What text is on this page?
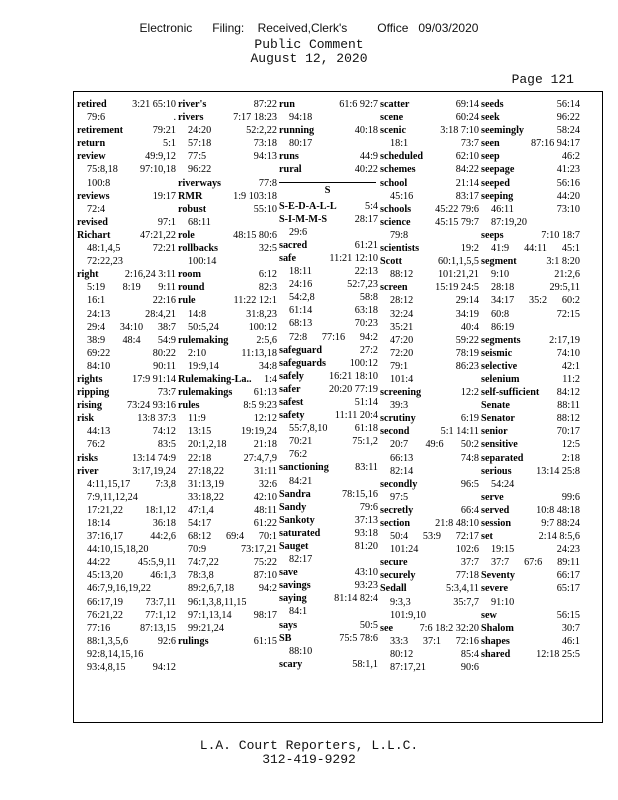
Electronic      Filing:    Received,Clerk's         Office   09/03/2020
Public Comment
August 12, 2020
Page 121
retired	3:21 65:10
79:6 .
retirement	79:21
return	5:1
review	49:9,12
75:8,18 97:10,18
100:8
reviews	19:17
72:4
revised	97:1
Richart	47:21,22
48:1,4,5 72:21
72:22,23
right	2:16,24 3:11
5:19 8:19 9:11
16:1 22:16
24:13 28:4,21
29:4 34:10 38:7
38:9 48:4 54:9
69:22 80:22
84:10 90:11
rights	17:9 91:14
ripping	73:7
rising 73:24 93:16
risk	13:8 37:3
44:13 74:12
76:2 83:5
risks	13:14 74:9
river	3:17,19,24
4:11,15,17 7:3,8
7:9,11,12,24
17:21,22 18:1,12
18:14 36:18
37:16,17 44:2,6
44:10,15,18,20
44:22 45:5,9,11
45:13,20 46:1,3
46:7,9,16,19,22
66:17,19 73:7,11
76:21,22 77:1,12
77:16 87:13,15
88:1,3,5,6 92:6
92:8,14,15,16
93:4,8,15 94:12
river's	87:22
rivers	7:17 18:23
24:20 52:2,22
57:18 73:18
77:5 94:13
96:22
riverways	77:8
RMR	1:9 103:18
robust	55:10
68:11
role	48:15 80:6
rollbacks	32:5
100:14
room	6:12
round	82:3
rule	11:22 12:1
14:8 31:8,23
50:5,24 100:12
rulemaking	2:5,6
2:10 11:13,18
19:9,14 34:8
Rulemaking-La.. 1:4
rulemakings 61:13
rules	8:5 9:23
11:9 12:12
13:15 19:19,24
20:1,2,18 21:18
22:18 27:4,7,9
27:18,22 31:11
31:13,19 32:6
33:18,22 42:10
47:1,4 48:11
54:17 61:22
68:12 69:4 70:1
70:9 73:17,21
74:7,22 75:22
78:3,8 87:10
89:2,6,7,18 94:2
96:1,3,8,11,15
97:1,13,14 98:17
99:21,24
rulings	61:15
run	61:6 92:7
94:18
running	40:18
80:17
runs	44:9
rural	40:22
S
S-E-D-A-L-L	5:4
S-I-M-M-S	28:17
29:6
sacred	61:21
safe	11:21 12:10
18:11 22:13
24:16 52:7,23
54:2,8 58:8
61:14 63:18
68:13 70:23
72:8 77:16 94:2
safeguard	27:2
safeguards 100:12
safely 16:21 18:10
safer	20:20 77:19
safest	51:14
safety	11:11 20:4
55:7,8,10 61:18
70:21 75:1,2
76:2
sanctioning	83:11
84:21
Sandra	78:15,16
Sandy	79:6
Sankoty	37:13
saturated	93:18
Sauget	81:20
82:17
save	43:10
savings	93:23
saying	81:14 82:4
84:1
says	50:5
SB	75:5 78:6
88:10
scary	58:1,1
scatter	69:14
scene	60:24
scenic	3:18 7:10
18:1 73:7
scheduled	62:10
schemes	84:22
school	21:14
45:16 83:17
schools 45:22 79:6
science 45:15 79:7
79:8
scientists	19:2
Scott	60:1,1,5,5
88:12 101:21,21
screen	15:19 24:5
28:12 29:14
32:24 34:19
35:21 40:4
47:20 59:22
72:20 78:19
79:1 86:23
101:4
screening	12:2
39:3
scrutiny	6:19
second	5:1 14:11
20:7 49:6 50:2
66:13 74:8
82:14
secondly	96:5
97:5
secretly	66:4
section 21:8 48:10
50:4 53:9 72:17
101:24 102:6
secure	37:7
securely	77:18
Sedall	5:3,4,11
9:3,3 35:7,7
101:9,10
see	7:6 18:2 32:20
33:3 37:1 72:16
80:12 85:4
87:17,21 90:6
seeds	56:14
seek	96:22
seemingly	58:24
seen	87:16 94:17
seep	46:2
seepage	41:23
seeped	56:16
seeping	44:20
46:11 73:10
87:19,20
seeps	7:10 18:7
41:9 44:11 45:1
segment	3:1 8:20
9:10 21:2,6
28:18 29:5,11
34:17 35:2 60:2
60:8 72:15
86:19
segments	2:17,19
seismic	74:10
selective	42:1
selenium	11:2
self-sufficient 84:12
Senate	88:11
Senator	88:12
senior	70:17
sensitive	12:5
separated	2:18
serious 13:14 25:8
54:24
serve	99:6
served	10:8 48:18
session	9:7 88:24
set	2:14 8:5,6
19:15 24:23
37:7 67:6 89:11
Seventy	66:17
severe	65:17
91:10
sew	56:15
Shalom	30:7
shapes	46:1
shared	12:18 25:5
L.A. Court Reporters, L.L.C.
312-419-9292
